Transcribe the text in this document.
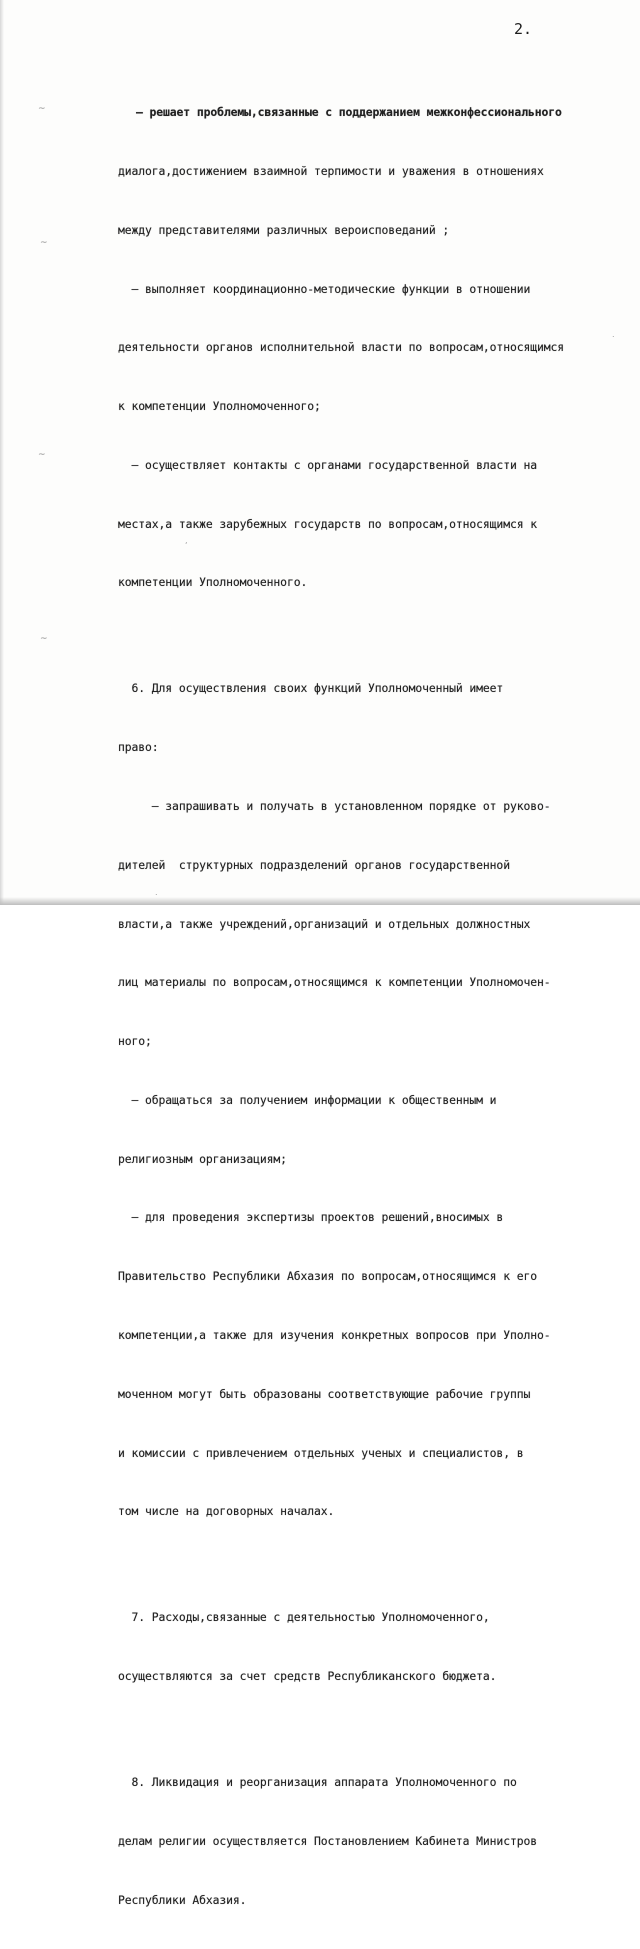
~
~
~
~
,
.
.
2.

– решает проблемы,связанные с поддержанием межконфессионального

диалога,достижением взаимной терпимости и уважения в отношениях

между представителями различных вероисповеданий ;

– выполняет координационно-методические функции в отношении

деятельности органов исполнительной власти по вопросам,относящимся

к компетенции Уполномоченного;

– осуществляет контакты с органами государственной власти на

местах,а также зарубежных государств по вопросам,относящимся к

компетенции Уполномоченного.

6. Для осуществления своих функций Уполномоченный имеет

право:

– запрашивать и получать в установленном порядке от руково-

дителей  структурных подразделений органов государственной

власти,а также учреждений,организаций и отдельных должностных

лиц материалы по вопросам,относящимся к компетенции Уполномочен-

ного;

– обращаться за получением информации к общественным и

религиозным организациям;

– для проведения экспертизы проектов решений,вносимых в

Правительство Республики Абхазия по вопросам,относящимся к его

компетенции,а также для изучения конкретных вопросов при Уполно-

моченном могут быть образованы соответствующие рабочие группы

и комиссии с привлечением отдельных ученых и специалистов, в

том числе на договорных началах.

7. Расходы,связанные с деятельностью Уполномоченного,

осуществляются за счет средств Республиканского бюджета.

8. Ликвидация и реорганизация аппарата Уполномоченного по

делам религии осуществляется Постановлением Кабинета Министров

Республики Абхазия.
